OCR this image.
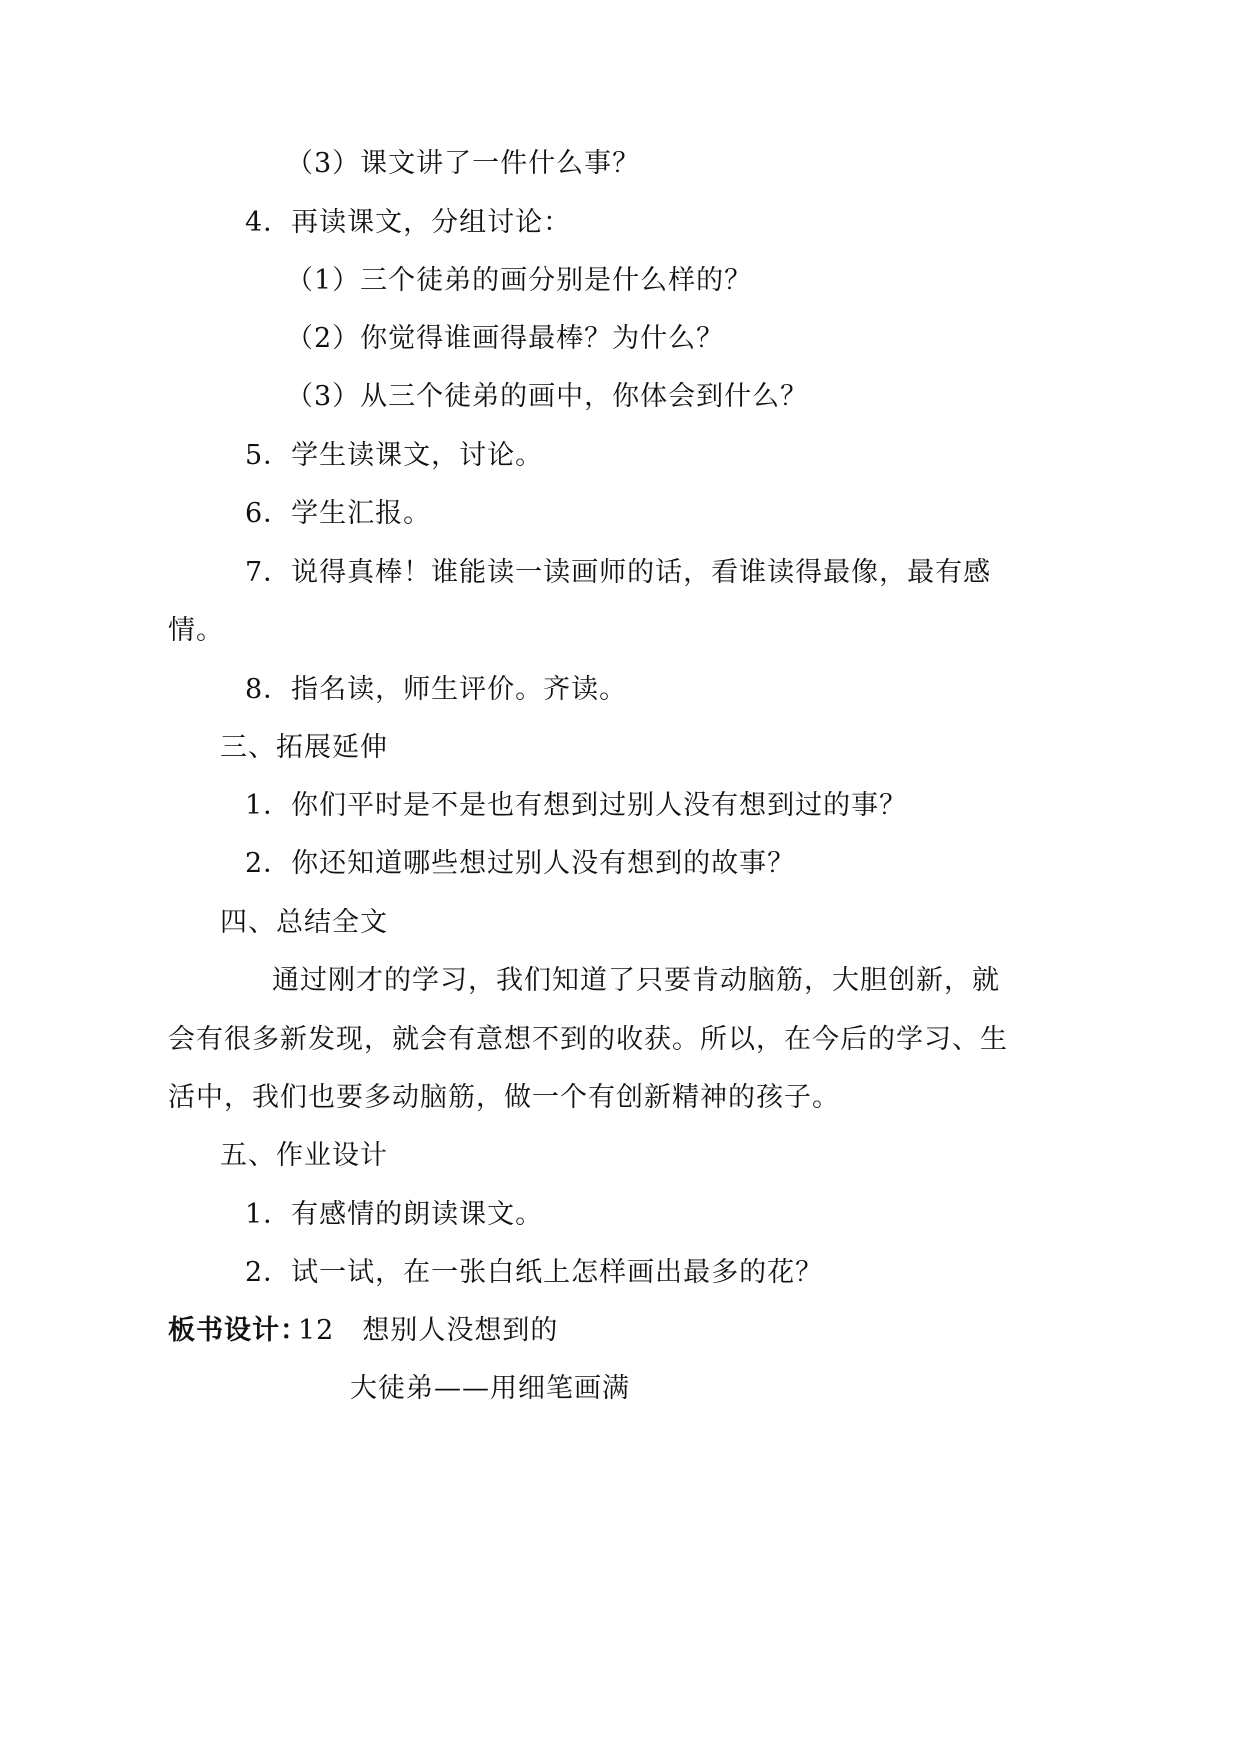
（3）课文讲了一件什么事？
4．再读课文，分组讨论：
（1）三个徒弟的画分别是什么样的？
（2）你觉得谁画得最棒？为什么？
（3）从三个徒弟的画中，你体会到什么？
5．学生读课文，讨论。
6．学生汇报。
7．说得真棒！谁能读一读画师的话，看谁读得最像，最有感
情。
8．指名读，师生评价。齐读。
三、拓展延伸
1．你们平时是不是也有想到过别人没有想到过的事？
2．你还知道哪些想过别人没有想到的故事？
四、总结全文
通过刚才的学习，我们知道了只要肯动脑筋，大胆创新，就
会有很多新发现，就会有意想不到的收获。所以，在今后的学习、生
活中，我们也要多动脑筋，做一个有创新精神的孩子。
五、作业设计
1．有感情的朗读课文。
2．试一试，在一张白纸上怎样画出最多的花？
板书设计：
12　想别人没想到的
大徒弟——用细笔画满
